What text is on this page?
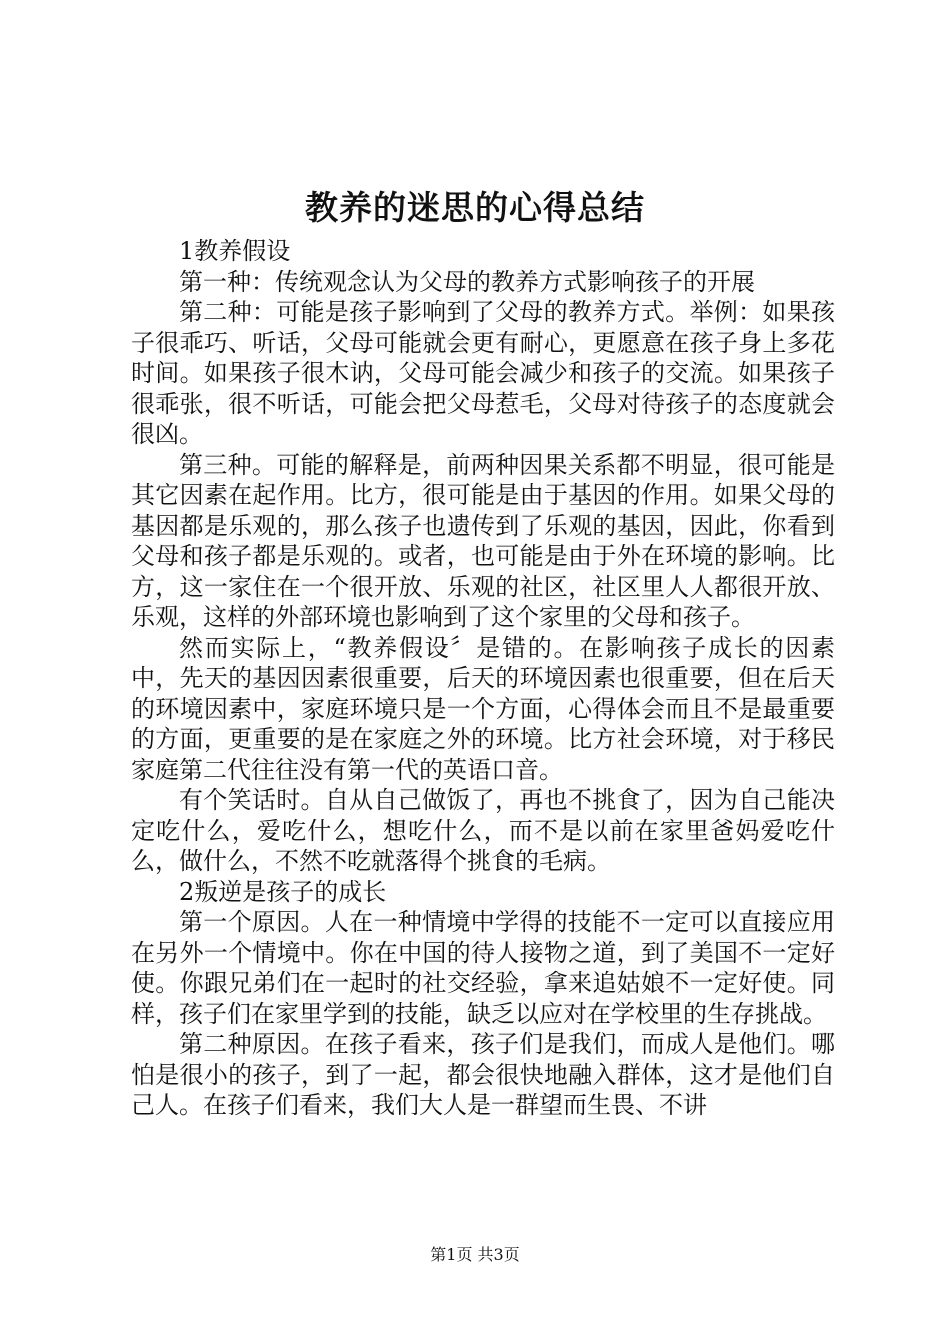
教养的迷思的心得总结

1教养假设

第一种：传统观念认为父母的教养方式影响孩子的开展

第二种：可能是孩子影响到了父母的教养方式。举例：如果孩子很乖巧、听话，父母可能就会更有耐心，更愿意在孩子身上多花时间。如果孩子很木讷，父母可能会减少和孩子的交流。如果孩子很乖张，很不听话，可能会把父母惹毛，父母对待孩子的态度就会很凶。

第三种。可能的解释是，前两种因果关系都不明显，很可能是其它因素在起作用。比方，很可能是由于基因的作用。如果父母的基因都是乐观的，那么孩子也遗传到了乐观的基因，因此，你看到父母和孩子都是乐观的。或者，也可能是由于外在环境的影响。比方，这一家住在一个很开放、乐观的社区，社区里人人都很开放、乐观，这样的外部环境也影响到了这个家里的父母和孩子。

然而实际上，“教养假设〞是错的。在影响孩子成长的因素中，先天的基因因素很重要，后天的环境因素也很重要，但在后天的环境因素中，家庭环境只是一个方面，心得体会而且不是最重要的方面，更重要的是在家庭之外的环境。比方社会环境，对于移民家庭第二代往往没有第一代的英语口音。

有个笑话时。自从自己做饭了，再也不挑食了，因为自己能决定吃什么，爱吃什么，想吃什么，而不是以前在家里爸妈爱吃什么，做什么，不然不吃就落得个挑食的毛病。

2叛逆是孩子的成长

第一个原因。人在一种情境中学得的技能不一定可以直接应用在另外一个情境中。你在中国的待人接物之道，到了美国不一定好使。你跟兄弟们在一起时的社交经验，拿来追姑娘不一定好使。同样，孩子们在家里学到的技能，缺乏以应对在学校里的生存挑战。

第二种原因。在孩子看来，孩子们是我们，而成人是他们。哪怕是很小的孩子，到了一起，都会很快地融入群体，这才是他们自己人。在孩子们看来，我们大人是一群望而生畏、不讲

第1页 共3页
